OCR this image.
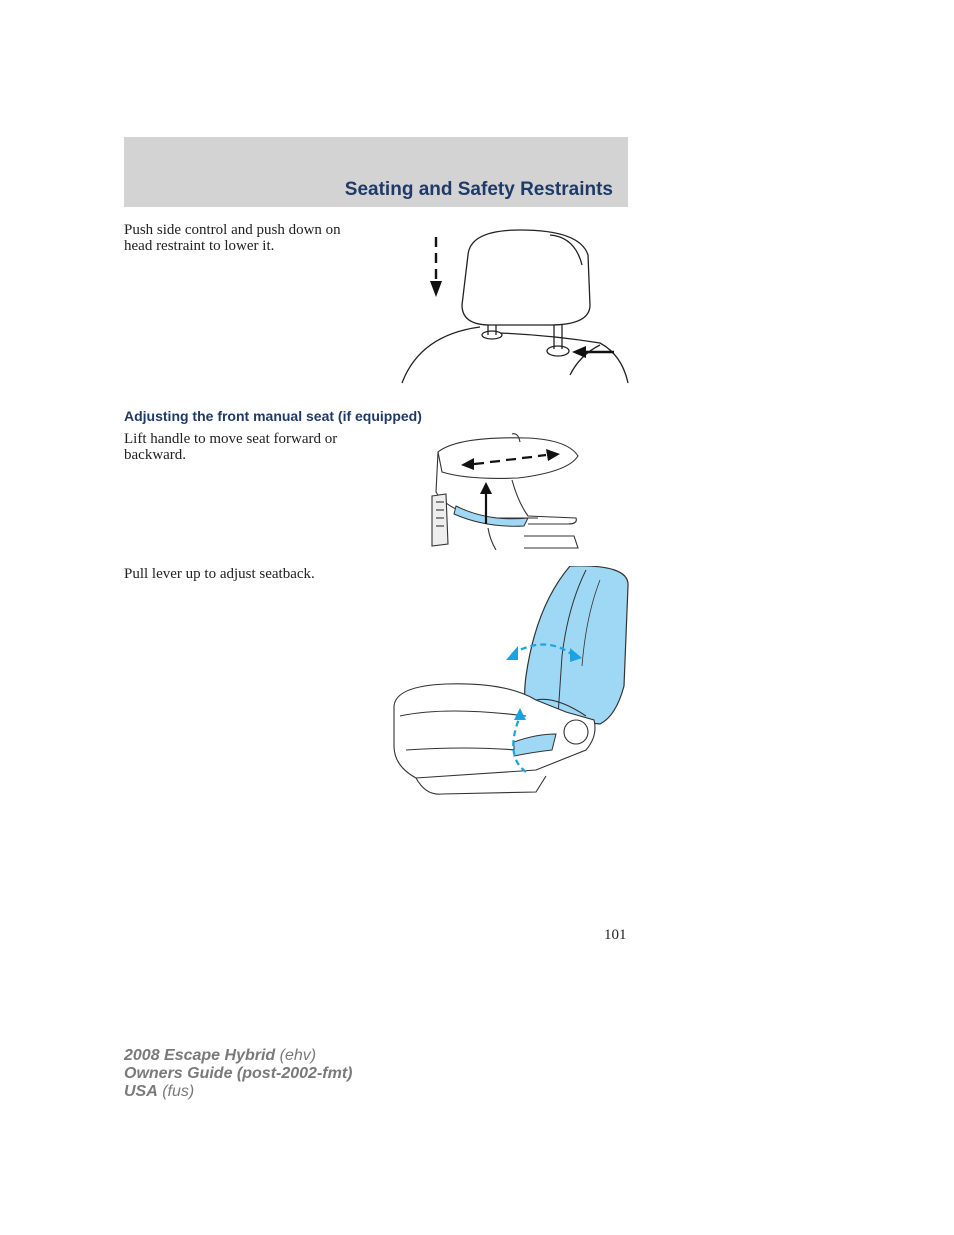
Seating and Safety Restraints
Push side control and push down on
head restraint to lower it.
Adjusting the front manual seat (if equipped)
Lift handle to move seat forward or
backward.
Pull lever up to adjust seatback.
101
2008 Escape Hybrid (ehv)
Owners Guide (post-2002-fmt)
USA (fus)
